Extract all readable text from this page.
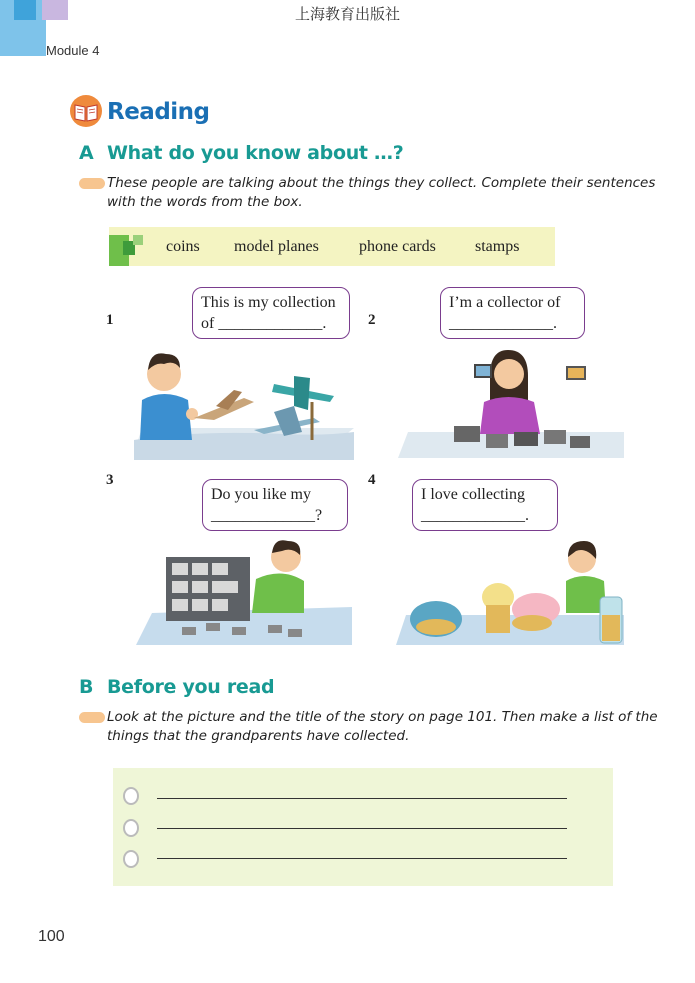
上海教育出版社
Module 4
Reading
A What do you know about …?
These people are talking about the things they collect. Complete their sentences
with the words from the box.
coins model planes	phone cards stamps
1
This is my collection
of _____________.	2
I’m a collector of
_____________.
3
Do you like my
_____________?
4
I love collecting
_____________.
B Before you read
Look at the picture and the title of the story on page 101. Then make a list of the
things that the grandparents have collected.
100
